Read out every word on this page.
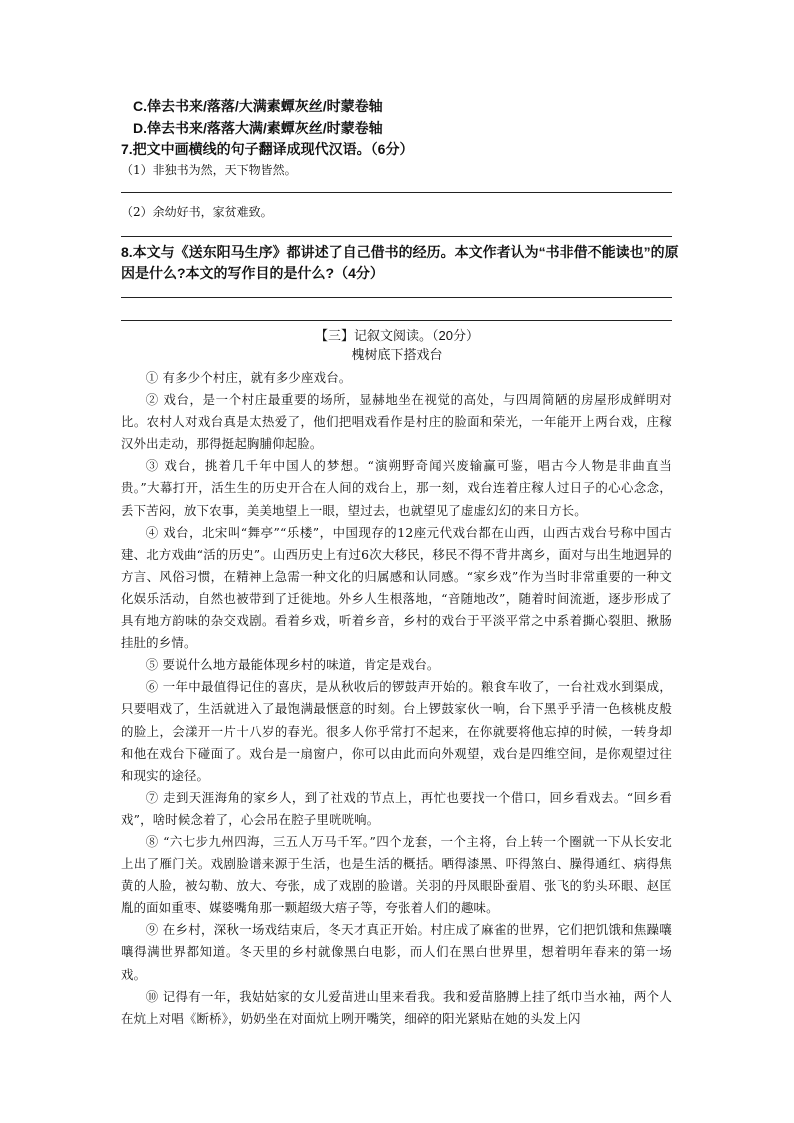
C.倖去书来/落落/大满素蟫灰丝/时蒙卷轴
D.倖去书来/落落大满/素蟫灰丝/时蒙卷轴
7.把文中画横线的句子翻译成现代汉语。（6分）
（1）非独书为然，天下物皆然。
（2）余幼好书，家贫难致。
8.本文与《送东阳马生序》都讲述了自己借书的经历。本文作者认为“书非借不能读也”的原因是什么?本文的写作目的是什么?（4分）
【三】记叙文阅读。（20分）
槐树底下搭戏台

① 有多少个村庄，就有多少座戏台。

② 戏台，是一个村庄最重要的场所，显赫地坐在视觉的高处，与四周简陋的房屋形成鲜明对比。农村人对戏台真是太热爱了，他们把唱戏看作是村庄的脸面和荣光，一年能开上两台戏，庄稼汉外出走动，那得挺起胸脯仰起脸。

③ 戏台，挑着几千年中国人的梦想。“演朔野奇闻兴废输赢可鉴，唱古今人物是非曲直当贵。”大幕打开，活生生的历史开合在人间的戏台上，那一刻，戏台连着庄稼人过日子的心心念念，丢下苦闷，放下农事，美美地望上一眼，望过去，也就望见了虚虚幻幻的来日方长。

④ 戏台，北宋叫“舞亭”“乐楼”，中国现存的12座元代戏台都在山西，山西古戏台号称中国古建、北方戏曲“活的历史”。山西历史上有过6次大移民，移民不得不背井离乡，面对与出生地迥异的方言、风俗习惯，在精神上急需一种文化的归属感和认同感。“家乡戏”作为当时非常重要的一种文化娱乐活动，自然也被带到了迁徙地。外乡人生根落地，“音随地改”，随着时间流逝，逐步形成了具有地方韵味的杂交戏剧。看着乡戏，听着乡音，乡村的戏台于平淡平常之中系着撕心裂胆、揪肠挂肚的乡情。

⑤ 要说什么地方最能体现乡村的味道，肯定是戏台。

⑥ 一年中最值得记住的喜庆，是从秋收后的锣鼓声开始的。粮食车收了，一台社戏水到渠成，只要唱戏了，生活就进入了最饱满最惬意的时刻。台上锣鼓家伙一响，台下黑乎乎清一色核桃皮般的脸上，会漾开一片十八岁的春光。很多人你乎常打不起来，在你就要将他忘掉的时候，一转身却和他在戏台下碰面了。戏台是一扇窗户，你可以由此而向外观望，戏台是四维空间，是你观望过往和现实的途径。

⑦ 走到天涯海角的家乡人，到了社戏的节点上，再忙也要找一个借口，回乡看戏去。“回乡看戏”，啥时候念着了，心会吊在腔子里咣咣响。

⑧ “六七步九州四海，三五人万马千军。”四个龙套，一个主将，台上转一个圈就一下从长安北上出了雁门关。戏剧脸谱来源于生活，也是生活的概括。晒得漆黑、吓得煞白、臊得通红、病得焦黄的人脸，被勾勒、放大、夸张，成了戏剧的脸谱。关羽的丹凤眼卧蚕眉、张飞的豹头环眼、赵匡胤的面如重枣、媒婆嘴角那一颗超级大痦子等，夸张着人们的趣味。

⑨ 在乡村，深秋一场戏结束后，冬天才真正开始。村庄成了麻雀的世界，它们把饥饿和焦躁嚷嚷得满世界都知道。冬天里的乡村就像黑白电影，而人们在黑白世界里，想着明年春来的第一场戏。

⑩ 记得有一年，我姑姑家的女儿爱苗进山里来看我。我和爱苗胳膊上挂了纸巾当水袖，两个人在炕上对唱《断桥》，奶奶坐在对面炕上咧开嘴笑，细碎的阳光紧贴在她的头发上闪
